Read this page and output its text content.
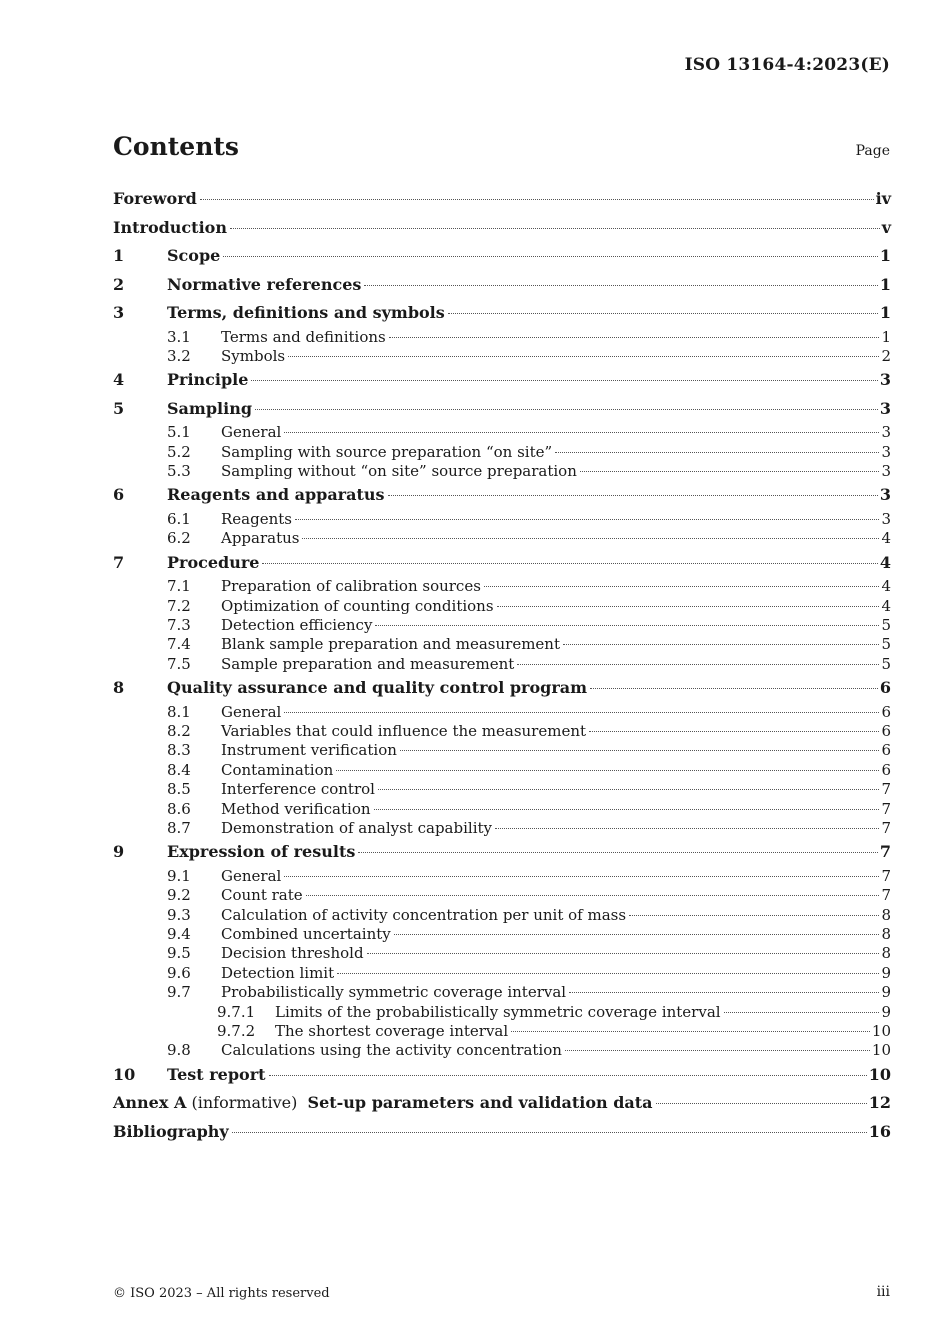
ISO 13164-4:2023(E)
Contents	Page
Foreword	iv
Introduction	v
1	Scope	1
2	Normative references	1
3	Terms, definitions and symbols	1
3.1	Terms and definitions	1
3.2	Symbols	2
4	Principle	3
5	Sampling	3
5.1	General	3
5.2	Sampling with source preparation “on site”	3
5.3	Sampling without “on site” source preparation	3
6	Reagents and apparatus	3
6.1	Reagents	3
6.2	Apparatus	4
7	Procedure	4
7.1	Preparation of calibration sources	4
7.2	Optimization of counting conditions	4
7.3	Detection efficiency	5
7.4	Blank sample preparation and measurement	5
7.5	Sample preparation and measurement	5
8	Quality assurance and quality control program	6
8.1	General	6
8.2	Variables that could influence the measurement	6
8.3	Instrument verification	6
8.4	Contamination	6
8.5	Interference control	7
8.6	Method verification	7
8.7	Demonstration of analyst capability	7
9	Expression of results	7
9.1	General	7
9.2	Count rate	7
9.3	Calculation of activity concentration per unit of mass	8
9.4	Combined uncertainty	8
9.5	Decision threshold	8
9.6	Detection limit	9
9.7	Probabilistically symmetric coverage interval	9
9.7.1	Limits of the probabilistically symmetric coverage interval	9
9.7.2	The shortest coverage interval	10
9.8	Calculations using the activity concentration	10
10	Test report	10
Annex A (informative)  Set-up parameters and validation data	12
Bibliography	16
© ISO 2023 – All rights reserved	iii
